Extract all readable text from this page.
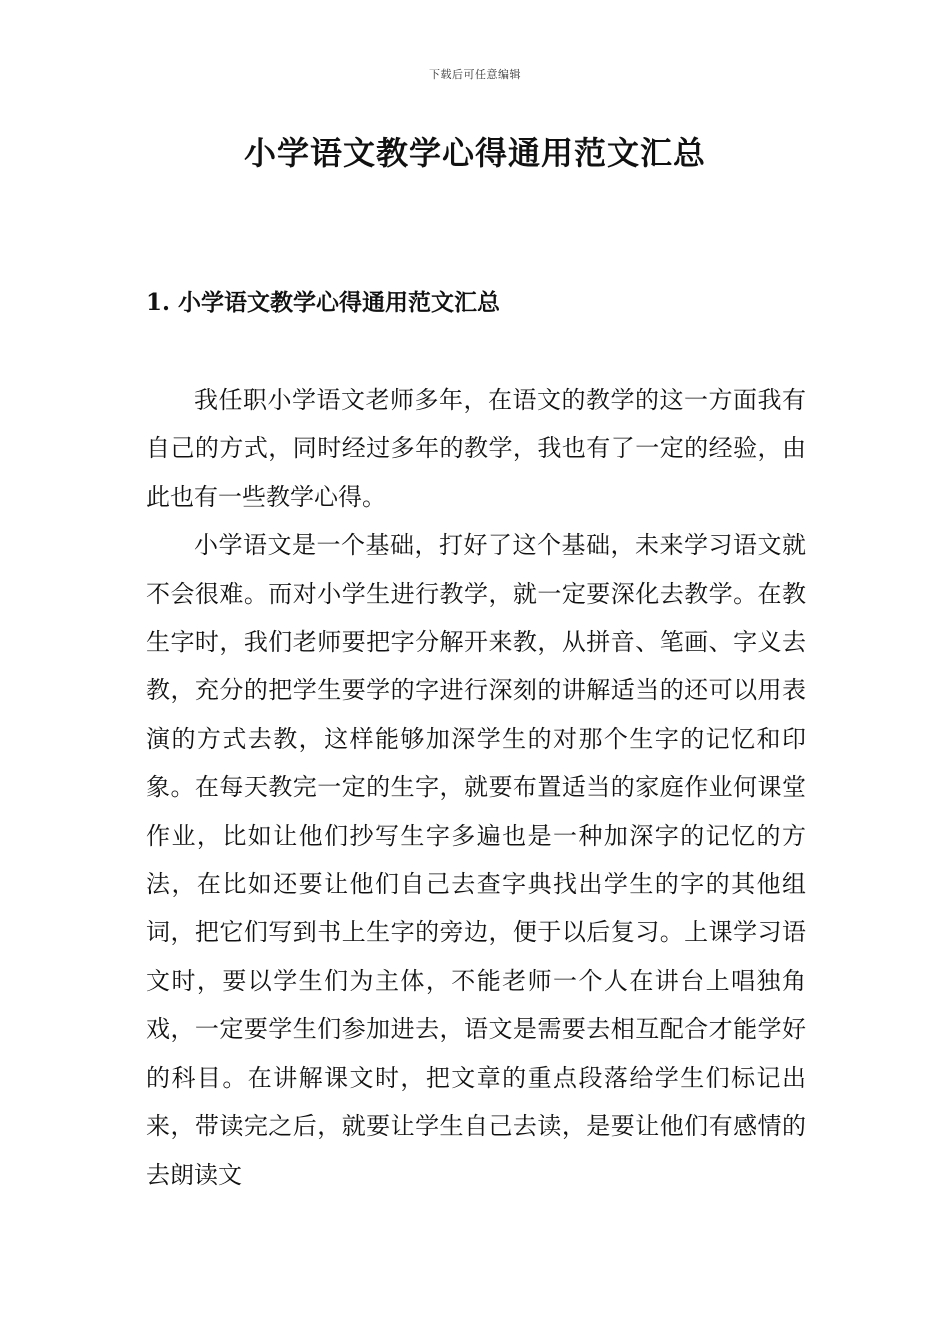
下载后可任意编辑
小学语文教学心得通用范文汇总
1. 小学语文教学心得通用范文汇总

我任职小学语文老师多年，在语文的教学的这一方面我有自己的方式，同时经过多年的教学，我也有了一定的经验，由此也有一些教学心得。

小学语文是一个基础，打好了这个基础，未来学习语文就不会很难。而对小学生进行教学，就一定要深化去教学。在教生字时，我们老师要把字分解开来教，从拼音、笔画、字义去教，充分的把学生要学的字进行深刻的讲解适当的还可以用表演的方式去教，这样能够加深学生的对那个生字的记忆和印象。在每天教完一定的生字，就要布置适当的家庭作业何课堂作业，比如让他们抄写生字多遍也是一种加深字的记忆的方法，在比如还要让他们自己去查字典找出学生的字的其他组词，把它们写到书上生字的旁边，便于以后复习。上课学习语文时，要以学生们为主体，不能老师一个人在讲台上唱独角戏，一定要学生们参加进去，语文是需要去相互配合才能学好的科目。在讲解课文时，把文章的重点段落给学生们标记出来，带读完之后，就要让学生自己去读，是要让他们有感情的去朗读文
